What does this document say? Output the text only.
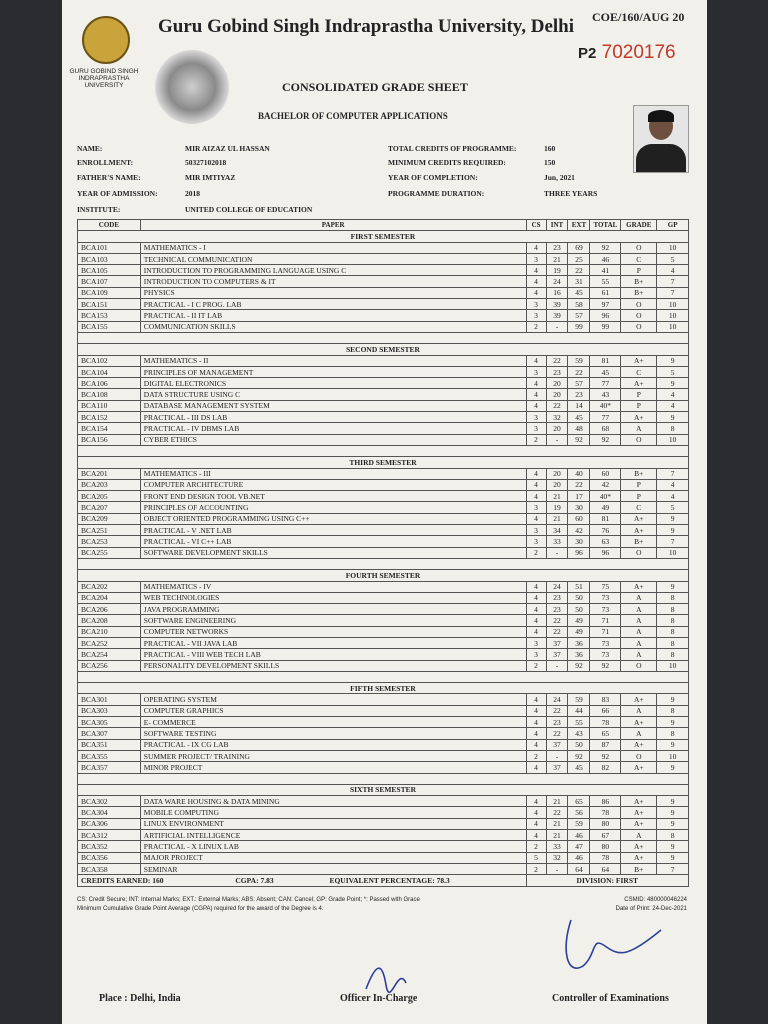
GURU GOBIND SINGH INDRAPRASTHA UNIVERSITY
Guru Gobind Singh Indraprastha University, Delhi COE/160/AUG 20
P2 7020176
CONSOLIDATED GRADE SHEET
BACHELOR OF COMPUTER APPLICATIONS
NAME:	MIR AIZAZ UL HASSAN
ENROLLMENT:	50327102018
FATHER'S NAME:	MIR IMTIYAZ
YEAR OF ADMISSION:	2018
INSTITUTE:	UNITED COLLEGE OF EDUCATION
TOTAL CREDITS OF PROGRAMME:	160
MINIMUM CREDITS REQUIRED:	150
YEAR OF COMPLETION:	Jun, 2021
PROGRAMME DURATION:	THREE YEARS
CODE	PAPER	CS	INT	EXT	TOTAL	GRADE	GP
FIRST SEMESTER							
BCA101	MATHEMATICS - I	4	23	69	92	O	10
BCA103	TECHNICAL COMMUNICATION	3	21	25	46	C	5
BCA105	INTRODUCTION TO PROGRAMMING LANGUAGE USING C	4	19	22	41	P	4
BCA107	INTRODUCTION TO COMPUTERS & IT	4	24	31	55	B+	7
BCA109	PHYSICS	4	16	45	61	B+	7
BCA151	PRACTICAL - I C PROG. LAB	3	39	58	97	O	10
BCA153	PRACTICAL - II IT LAB	3	39	57	96	O	10
BCA155	COMMUNICATION SKILLS	2	-	99	99	O	10

SECOND SEMESTER							
BCA102	MATHEMATICS - II	4	22	59	81	A+	9
BCA104	PRINCIPLES OF MANAGEMENT	3	23	22	45	C	5
BCA106	DIGITAL ELECTRONICS	4	20	57	77	A+	9
BCA108	DATA STRUCTURE USING C	4	20	23	43	P	4
BCA110	DATABASE MANAGEMENT SYSTEM	4	22	14	40*	P	4
BCA152	PRACTICAL - III DS LAB	3	32	45	77	A+	9
BCA154	PRACTICAL - IV DBMS LAB	3	20	48	68	A	8
BCA156	CYBER ETHICS	2	-	92	92	O	10

THIRD SEMESTER							
BCA201	MATHEMATICS - III	4	20	40	60	B+	7
BCA203	COMPUTER ARCHITECTURE	4	20	22	42	P	4
BCA205	FRONT END DESIGN TOOL VB.NET	4	21	17	40*	P	4
BCA207	PRINCIPLES OF ACCOUNTING	3	19	30	49	C	5
BCA209	OBJECT ORIENTED PROGRAMMING USING C++	4	21	60	81	A+	9
BCA251	PRACTICAL - V .NET LAB	3	34	42	76	A+	9
BCA253	PRACTICAL - VI C++ LAB	3	33	30	63	B+	7
BCA255	SOFTWARE DEVELOPMENT SKILLS	2	-	96	96	O	10

FOURTH SEMESTER							
BCA202	MATHEMATICS - IV	4	24	51	75	A+	9
BCA204	WEB TECHNOLOGIES	4	23	50	73	A	8
BCA206	JAVA PROGRAMMING	4	23	50	73	A	8
BCA208	SOFTWARE ENGINEERING	4	22	49	71	A	8
BCA210	COMPUTER NETWORKS	4	22	49	71	A	8
BCA252	PRACTICAL - VII JAVA LAB	3	37	36	73	A	8
BCA254	PRACTICAL - VIII WEB TECH LAB	3	37	36	73	A	8
BCA256	PERSONALITY DEVELOPMENT SKILLS	2	-	92	92	O	10

FIFTH SEMESTER							
BCA301	OPERATING SYSTEM	4	24	59	83	A+	9
BCA303	COMPUTER GRAPHICS	4	22	44	66	A	8
BCA305	E- COMMERCE	4	23	55	78	A+	9
BCA307	SOFTWARE TESTING	4	22	43	65	A	8
BCA351	PRACTICAL - IX CG LAB	4	37	50	87	A+	9
BCA355	SUMMER PROJECT/ TRAINING	2	-	92	92	O	10
BCA357	MINOR PROJECT	4	37	45	82	A+	9

SIXTH SEMESTER							
BCA302	DATA WARE HOUSING & DATA MINING	4	21	65	86	A+	9
BCA304	MOBILE COMPUTING	4	22	56	78	A+	9
BCA306	LINUX ENVIRONMENT	4	21	59	80	A+	9
BCA312	ARTIFICIAL INTELLIGENCE	4	21	46	67	A	8
BCA352	PRACTICAL - X LINUX LAB	2	33	47	80	A+	9
BCA356	MAJOR PROJECT	5	32	46	78	A+	9
BCA358	SEMINAR	2	-	64	64	B+	7
CREDITS EARNED: 160 CGPA: 7.83 EQUIVALENT PERCENTAGE: 78.3		DIVISION: FIRST					
CS: Credit Secure; INT: Internal Marks; EXT.: External Marks; ABS: Absent; CAN: Cancel; GP: Grade Point; *: Passed with Grace
Minimum Cumulative Grade Point Average (CGPA) required for the award of the Degree is 4.
CSMID: 480000046224
Date of Print: 24-Dec-2021
Place : Delhi, India	Officer In-Charge	Controller of Examinations
